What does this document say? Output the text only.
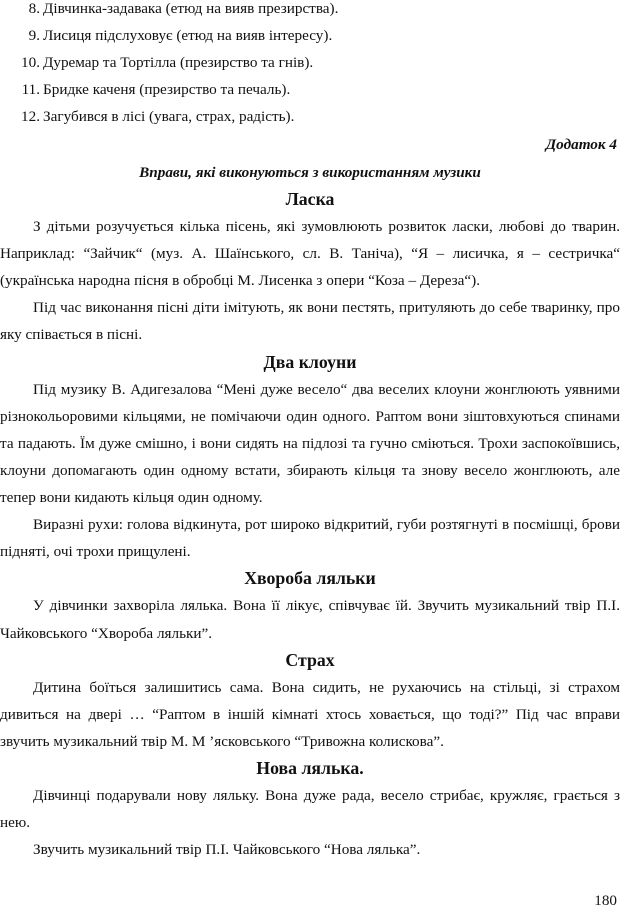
8. Дівчинка-задавака (етюд на вияв презирства).
9. Лисиця підслуховує (етюд на вияв інтересу).
10. Дуремар та Тортілла (презирство та гнів).
11. Бридке каченя (презирство та печаль).
12. Загубився в лісі (увага, страх, радість).
Додаток 4
Вправи, які виконуються з використанням музики
Ласка

З дітьми розучується кілька пісень, які зумовлюють розвиток ласки, любові до тварин. Наприклад: “Зайчик“ (муз. А. Шаїнського, сл. В. Таніча), “Я – лисичка, я – сестричка“ (українська народна пісня в обробці М. Лисенка з опери “Коза – Дереза“).

Під час виконання пісні діти імітують, як вони пестять, притуляють до себе тваринку, про яку співається в пісні.

Два клоуни

Під музику В. Адигезалова “Мені дуже весело“ два веселих клоуни жонглюють уявними різнокольоровими кільцями, не помічаючи один одного. Раптом вони зіштовхуються спинами та падають. Їм дуже смішно, і вони сидять на підлозі та гучно сміються. Трохи заспокоївшись, клоуни допомагають один одному встати, збирають кільця та знову весело жонглюють, але тепер вони кидають кільця один одному.

Виразні рухи: голова відкинута, рот широко відкритий, губи розтягнуті в посмішці, брови підняті, очі трохи прищулені.

Хвороба ляльки

У дівчинки захворіла лялька. Вона її лікує, співчуває їй. Звучить музикальний твір П.І. Чайковського “Хвороба ляльки”.

Страх

Дитина боїться залишитись сама. Вона сидить, не рухаючись на стільці, зі страхом дивиться на двері … “Раптом в іншій кімнаті хтось ховається, що тоді?” Під час вправи звучить музикальний твір М. М ’ясковського “Тривожна колискова”.

Нова лялька.

Дівчинці подарували нову ляльку. Вона дуже рада, весело стрибає, кружляє, грається з нею.

Звучить музикальний твір П.І. Чайковського “Нова лялька”.

180
